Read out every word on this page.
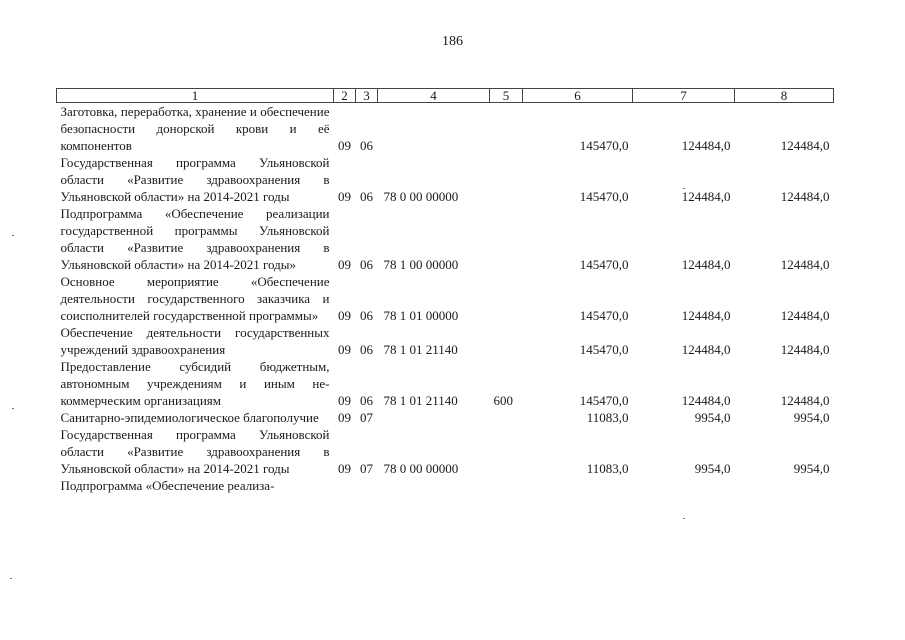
186
1	2	3	4	5	6	7	8
Заготовка, переработка, хранение и обеспечение безопасности донорской крови и её компонентов	09	06			145470,0	124484,0	124484,0
Государственная программа Ульяновской области «Развитие здравоохранения в Ульяновской области» на 2014-2021 годы	09	06	78 0 00 00000		145470,0	124484,0	124484,0
Подпрограмма «Обеспечение реализации государственной программы Ульяновской области «Развитие здравоохранения в Ульяновской области» на 2014-2021 годы»	09	06	78 1 00 00000		145470,0	124484,0	124484,0
Основное мероприятие «Обеспечение деятельности государственного заказчика и соисполнителей государственной программы»	09	06	78 1 01 00000		145470,0	124484,0	124484,0
Обеспечение деятельности государственных учреждений здравоохранения	09	06	78 1 01 21140		145470,0	124484,0	124484,0
Предоставление субсидий бюджетным, автономным учреждениям и иным некоммерческим организациям	09	06	78 1 01 21140	600	145470,0	124484,0	124484,0
Санитарно-эпидемиологическое благополучие	09	07			11083,0	9954,0	9954,0
Государственная программа Ульяновской области «Развитие здравоохранения в Ульяновской области» на 2014-2021 годы	09	07	78 0 00 00000		11083,0	9954,0	9954,0
Подпрограмма «Обеспечение реализа-							
